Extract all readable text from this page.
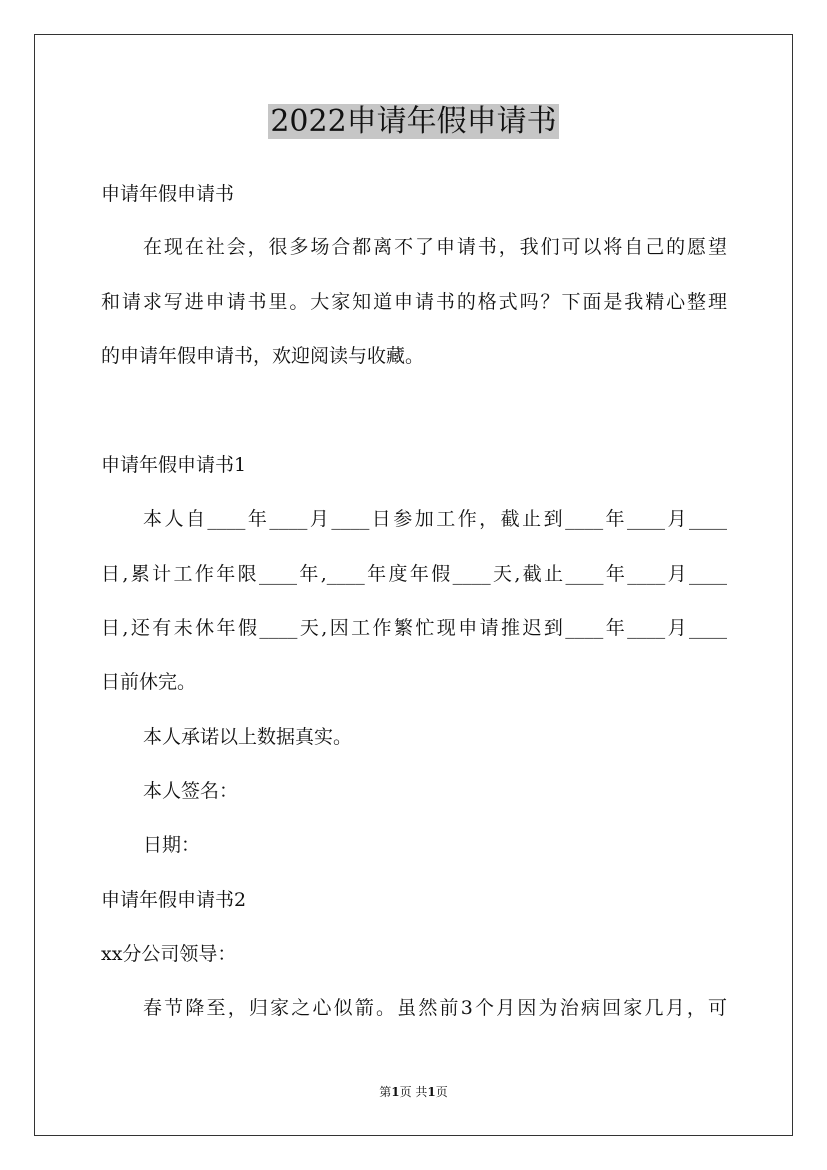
2022申请年假申请书

申请年假申请书

在现在社会，很多场合都离不了申请书，我们可以将自己的愿望

和请求写进申请书里。大家知道申请书的格式吗？下面是我精心整理

的申请年假申请书，欢迎阅读与收藏。

申请年假申请书1

本人自____年____月____日参加工作，截止到____年____月____

日,累计工作年限____年,____年度年假____天,截止____年____月____

日,还有未休年假____天,因工作繁忙现申请推迟到____年____月____

日前休完。

本人承诺以上数据真实。

本人签名：

日期：

申请年假申请书2

xx分公司领导：

春节降至，归家之心似箭。虽然前3个月因为治病回家几月，可

第1页 共1页
